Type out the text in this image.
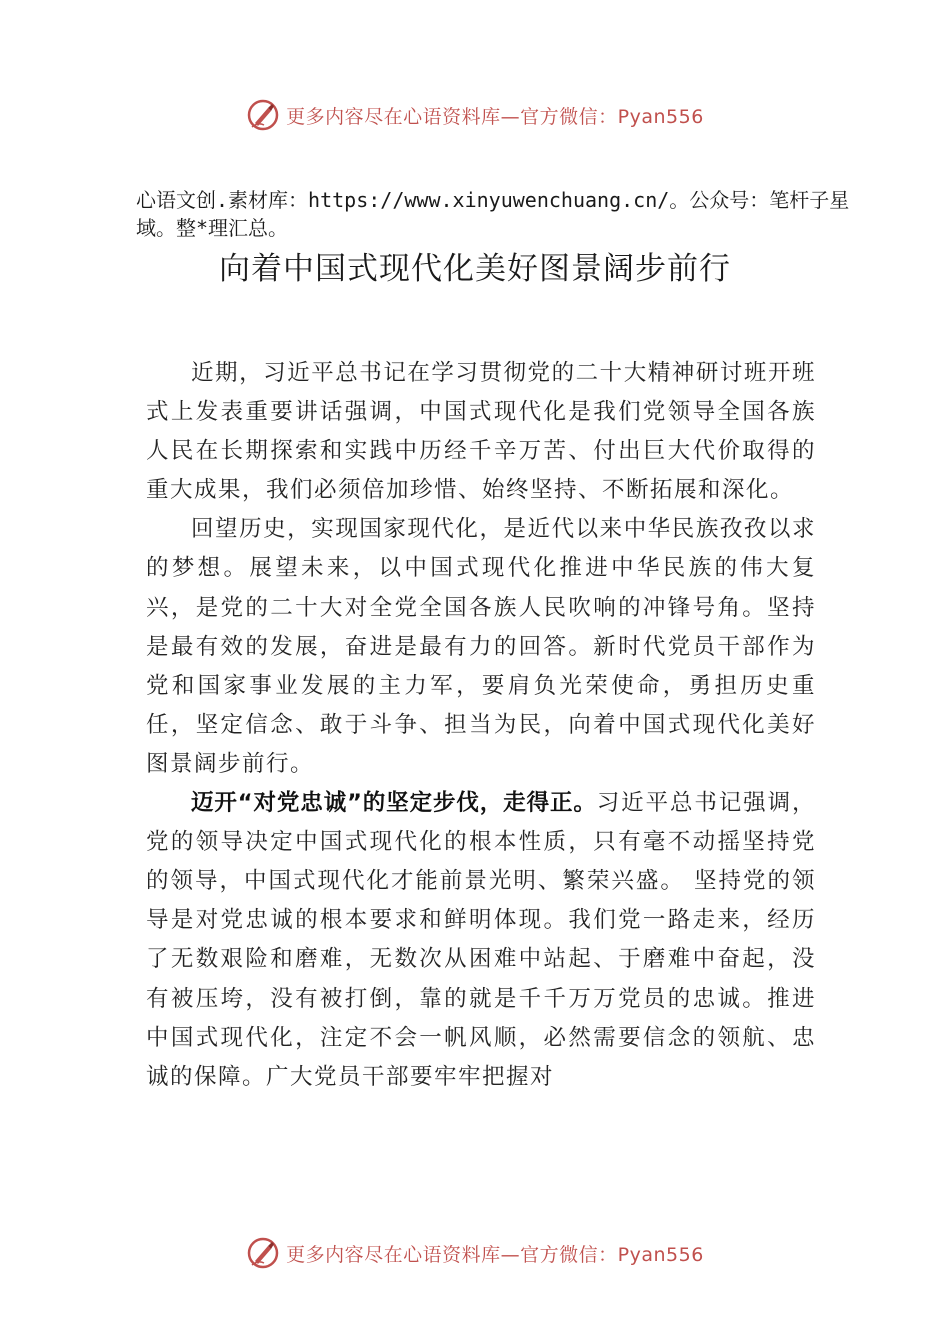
更多内容尽在心语资料库—官方微信：Pyan556
心语文创.素材库：https://www.xinyuwenchuang.cn/。公众号：笔杆子星域。整*理汇总。
向着中国式现代化美好图景阔步前行

近期，习近平总书记在学习贯彻党的二十大精神研讨班开班式上发表重要讲话强调，中国式现代化是我们党领导全国各族人民在长期探索和实践中历经千辛万苦、付出巨大代价取得的重大成果，我们必须倍加珍惜、始终坚持、不断拓展和深化。

回望历史，实现国家现代化，是近代以来中华民族孜孜以求的梦想。展望未来，以中国式现代化推进中华民族的伟大复兴，是党的二十大对全党全国各族人民吹响的冲锋号角。坚持是最有效的发展，奋进是最有力的回答。新时代党员干部作为党和国家事业发展的主力军，要肩负光荣使命，勇担历史重任，坚定信念、敢于斗争、担当为民，向着中国式现代化美好图景阔步前行。

迈开“对党忠诚”的坚定步伐，走得正。习近平总书记强调，党的领导决定中国式现代化的根本性质，只有毫不动摇坚持党的领导，中国式现代化才能前景光明、繁荣兴盛。 坚持党的领导是对党忠诚的根本要求和鲜明体现。我们党一路走来，经历了无数艰险和磨难，无数次从困难中站起、于磨难中奋起，没有被压垮，没有被打倒，靠的就是千千万万党员的忠诚。推进中国式现代化，注定不会一帆风顺，必然需要信念的领航、忠诚的保障。广大党员干部要牢牢把握对

更多内容尽在心语资料库—官方微信：Pyan556
